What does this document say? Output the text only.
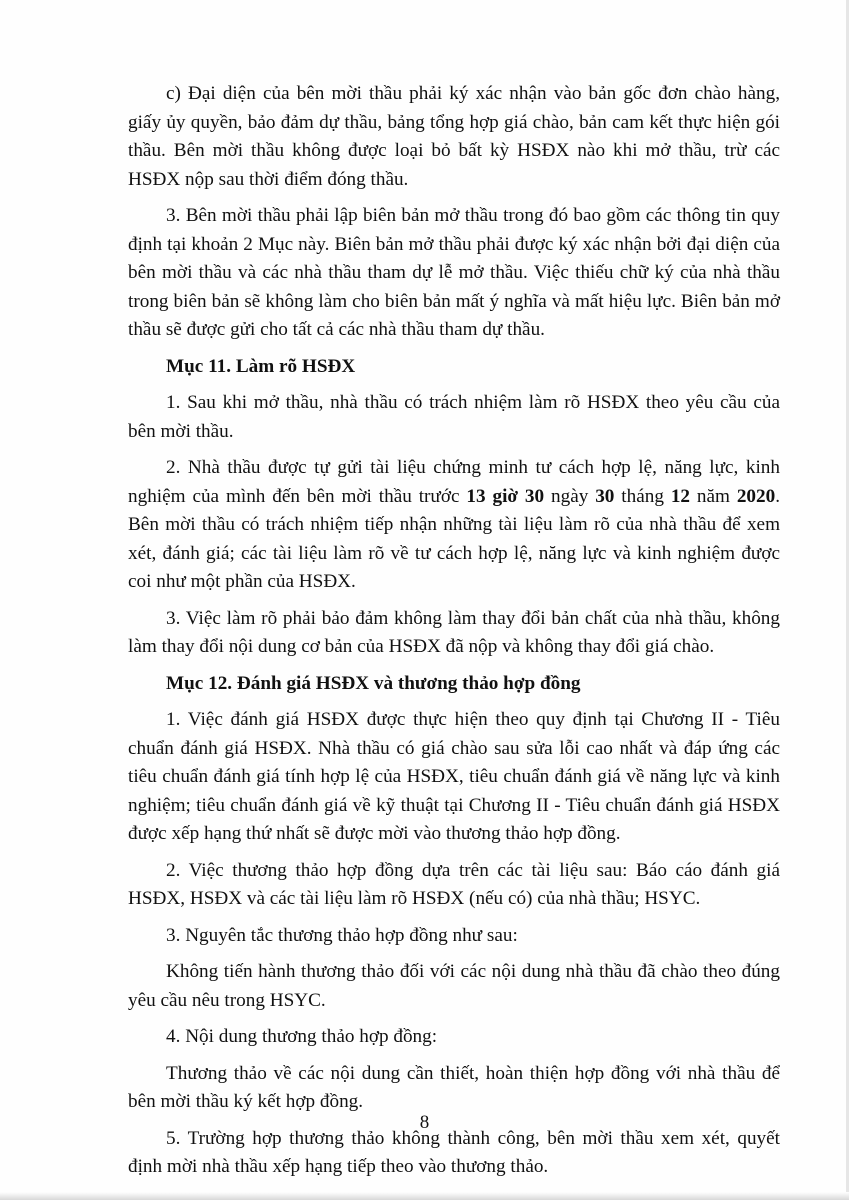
c) Đại diện của bên mời thầu phải ký xác nhận vào bản gốc đơn chào hàng, giấy ủy quyền, bảo đảm dự thầu, bảng tổng hợp giá chào, bản cam kết thực hiện gói thầu. Bên mời thầu không được loại bỏ bất kỳ HSĐX nào khi mở thầu, trừ các HSĐX nộp sau thời điểm đóng thầu.

3. Bên mời thầu phải lập biên bản mở thầu trong đó bao gồm các thông tin quy định tại khoản 2 Mục này. Biên bản mở thầu phải được ký xác nhận bởi đại diện của bên mời thầu và các nhà thầu tham dự lễ mở thầu. Việc thiếu chữ ký của nhà thầu trong biên bản sẽ không làm cho biên bản mất ý nghĩa và mất hiệu lực. Biên bản mở thầu sẽ được gửi cho tất cả các nhà thầu tham dự thầu.

Mục 11. Làm rõ HSĐX

1. Sau khi mở thầu, nhà thầu có trách nhiệm làm rõ HSĐX theo yêu cầu của bên mời thầu.

2. Nhà thầu được tự gửi tài liệu chứng minh tư cách hợp lệ, năng lực, kinh nghiệm của mình đến bên mời thầu trước 13 giờ 30 ngày 30 tháng 12 năm 2020. Bên mời thầu có trách nhiệm tiếp nhận những tài liệu làm rõ của nhà thầu để xem xét, đánh giá; các tài liệu làm rõ về tư cách hợp lệ, năng lực và kinh nghiệm được coi như một phần của HSĐX.

3. Việc làm rõ phải bảo đảm không làm thay đổi bản chất của nhà thầu, không làm thay đổi nội dung cơ bản của HSĐX đã nộp và không thay đổi giá chào.

Mục 12. Đánh giá HSĐX và thương thảo hợp đồng

1. Việc đánh giá HSĐX được thực hiện theo quy định tại Chương II - Tiêu chuẩn đánh giá HSĐX. Nhà thầu có giá chào sau sửa lỗi cao nhất và đáp ứng các tiêu chuẩn đánh giá tính hợp lệ của HSĐX, tiêu chuẩn đánh giá về năng lực và kinh nghiệm; tiêu chuẩn đánh giá về kỹ thuật tại Chương II - Tiêu chuẩn đánh giá HSĐX được xếp hạng thứ nhất sẽ được mời vào thương thảo hợp đồng.

2. Việc thương thảo hợp đồng dựa trên các tài liệu sau: Báo cáo đánh giá HSĐX, HSĐX và các tài liệu làm rõ HSĐX (nếu có) của nhà thầu; HSYC.

3. Nguyên tắc thương thảo hợp đồng như sau:

Không tiến hành thương thảo đối với các nội dung nhà thầu đã chào theo đúng yêu cầu nêu trong HSYC.

4. Nội dung thương thảo hợp đồng:

Thương thảo về các nội dung cần thiết, hoàn thiện hợp đồng với nhà thầu để bên mời thầu ký kết hợp đồng.

5. Trường hợp thương thảo không thành công, bên mời thầu xem xét, quyết định mời nhà thầu xếp hạng tiếp theo vào thương thảo.

8
